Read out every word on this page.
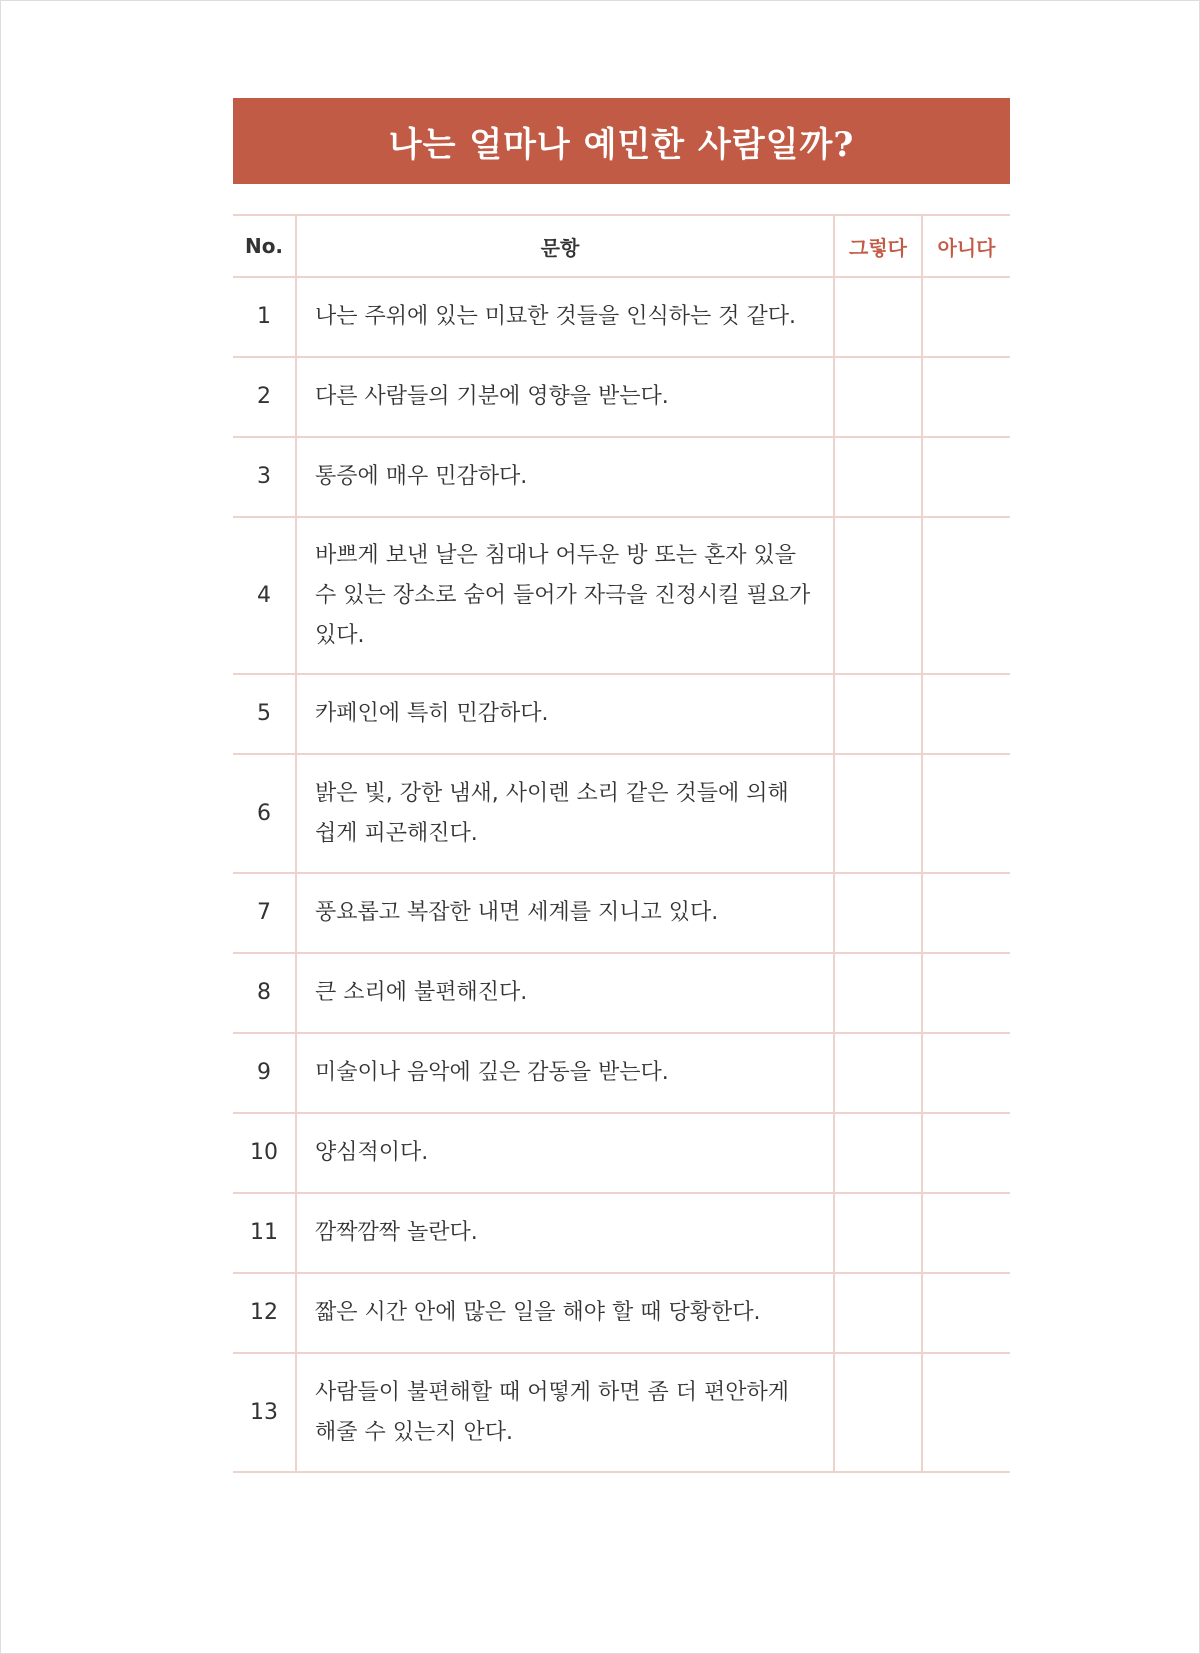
나는 얼마나 예민한 사람일까?
No.	문항	그렇다	아니다
1	나는 주위에 있는 미묘한 것들을 인식하는 것 같다.		
2	다른 사람들의 기분에 영향을 받는다.		
3	통증에 매우 민감하다.		
4	바쁘게 보낸 날은 침대나 어두운 방 또는 혼자 있을 수 있는 장소로 숨어 들어가 자극을 진정시킬 필요가 있다.		
5	카페인에 특히 민감하다.		
6	밝은 빛, 강한 냄새, 사이렌 소리 같은 것들에 의해 쉽게 피곤해진다.		
7	풍요롭고 복잡한 내면 세계를 지니고 있다.		
8	큰 소리에 불편해진다.		
9	미술이나 음악에 깊은 감동을 받는다.		
10	양심적이다.		
11	깜짝깜짝 놀란다.		
12	짧은 시간 안에 많은 일을 해야 할 때 당황한다.		
13	사람들이 불편해할 때 어떻게 하면 좀 더 편안하게 해줄 수 있는지 안다.		
